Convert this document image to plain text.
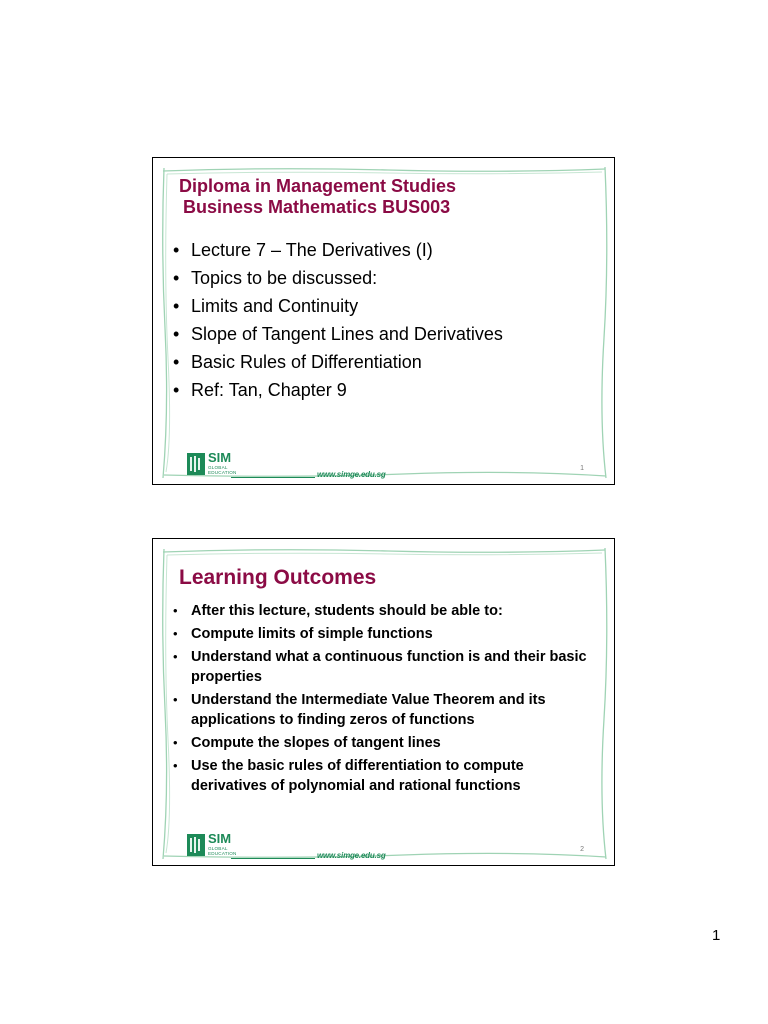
Diploma in Management Studies
Business Mathematics BUS003
• Lecture 7 – The Derivatives (I)
• Topics to be discussed:
• Limits and Continuity
• Slope of Tangent Lines and Derivatives
• Basic Rules of Differentiation
• Ref: Tan, Chapter 9
SIM
GLOBAL
EDUCATION	www.simge.edu.sg
1
Learning Outcomes
• After this lecture, students should be able to:
• Compute limits of simple functions
• Understand what a continuous function is and their basic properties
• Understand the Intermediate Value Theorem and its applications to finding zeros of functions
• Compute the slopes of tangent lines
• Use the basic rules of differentiation to compute derivatives of polynomial and rational functions
SIM
GLOBAL
EDUCATION	www.simge.edu.sg
2
1
